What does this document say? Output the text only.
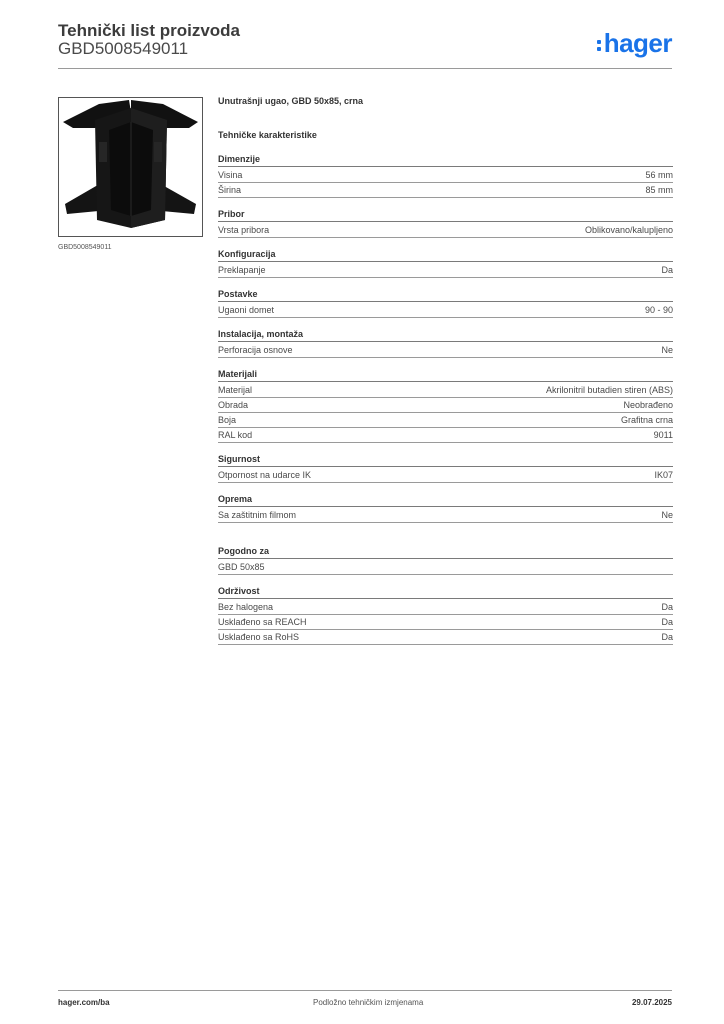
Tehnički list proizvoda
GBD5008549011	hager
GBD5008549011
Unutrašnji ugao, GBD 50x85, crna
Tehničke karakteristike
Dimenzije
Visina	56 mm
Širina	85 mm
Pribor
Vrsta pribora	Oblikovano/kalupljeno
Konfiguracija
Preklapanje	Da
Postavke
Ugaoni domet	90 - 90
Instalacija, montaža
Perforacija osnove	Ne
Materijali
Materijal	Akrilonitril butadien stiren (ABS)
Obrada	Neobrađeno
Boja	Grafitna crna
RAL kod	9011
Sigurnost
Otpornost na udarce IK	IK07
Oprema
Sa zaštitnim filmom	Ne
Pogodno za
GBD 50x85
Održivost
Bez halogena	Da
Usklađeno sa REACH	Da
Usklađeno sa RoHS	Da
hager.com/ba	Podložno tehničkim izmjenama	29.07.2025
